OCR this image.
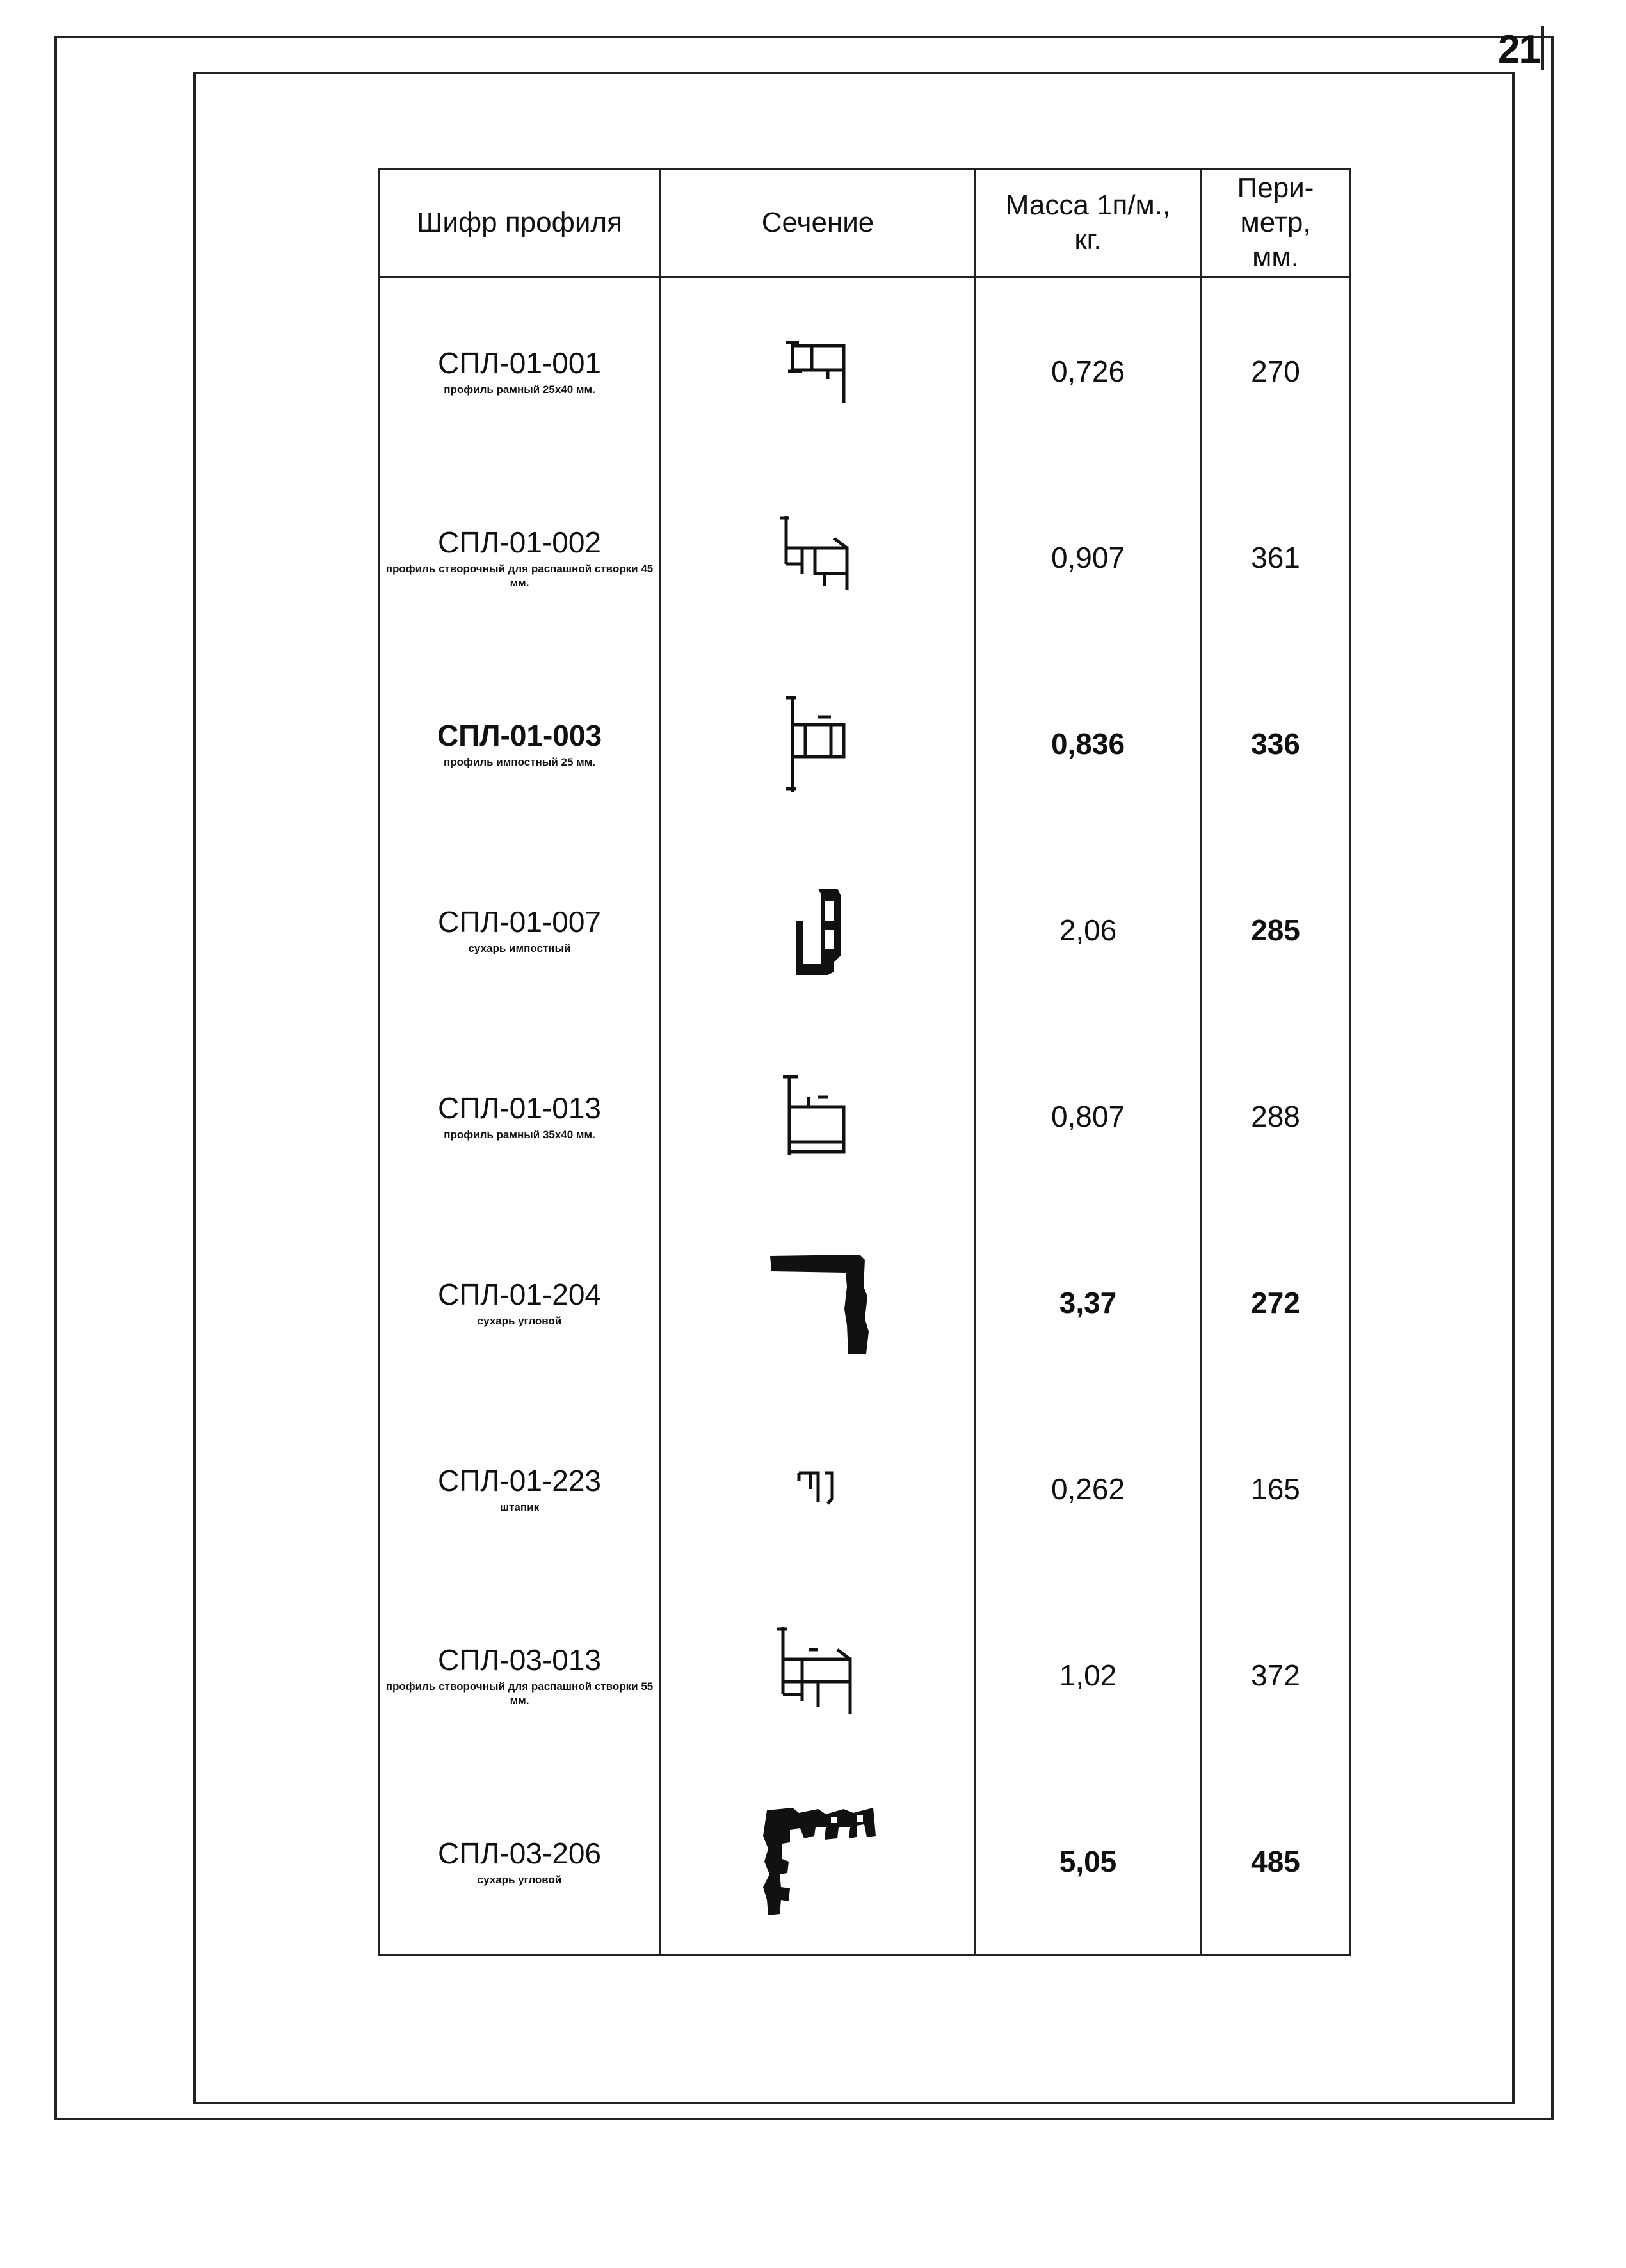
21
Шифр профиля	Сечение	Масса 1п/м., кг.	Пери-метр, мм.

СПЛ-01-001
профиль рамный 25х40 мм.		0,726	270

СПЛ-01-002
профиль створочный для распашной створки 45 мм.		0,907	361

СПЛ-01-003
профиль импостный 25 мм.		0,836	336

СПЛ-01-007
сухарь импостный		2,06	285

СПЛ-01-013
профиль рамный 35х40 мм.		0,807	288

СПЛ-01-204
сухарь угловой		3,37	272

СПЛ-01-223
штапик		0,262	165

СПЛ-03-013
профиль створочный для распашной створки 55 мм.		1,02	372

СПЛ-03-206
сухарь угловой		5,05	485
